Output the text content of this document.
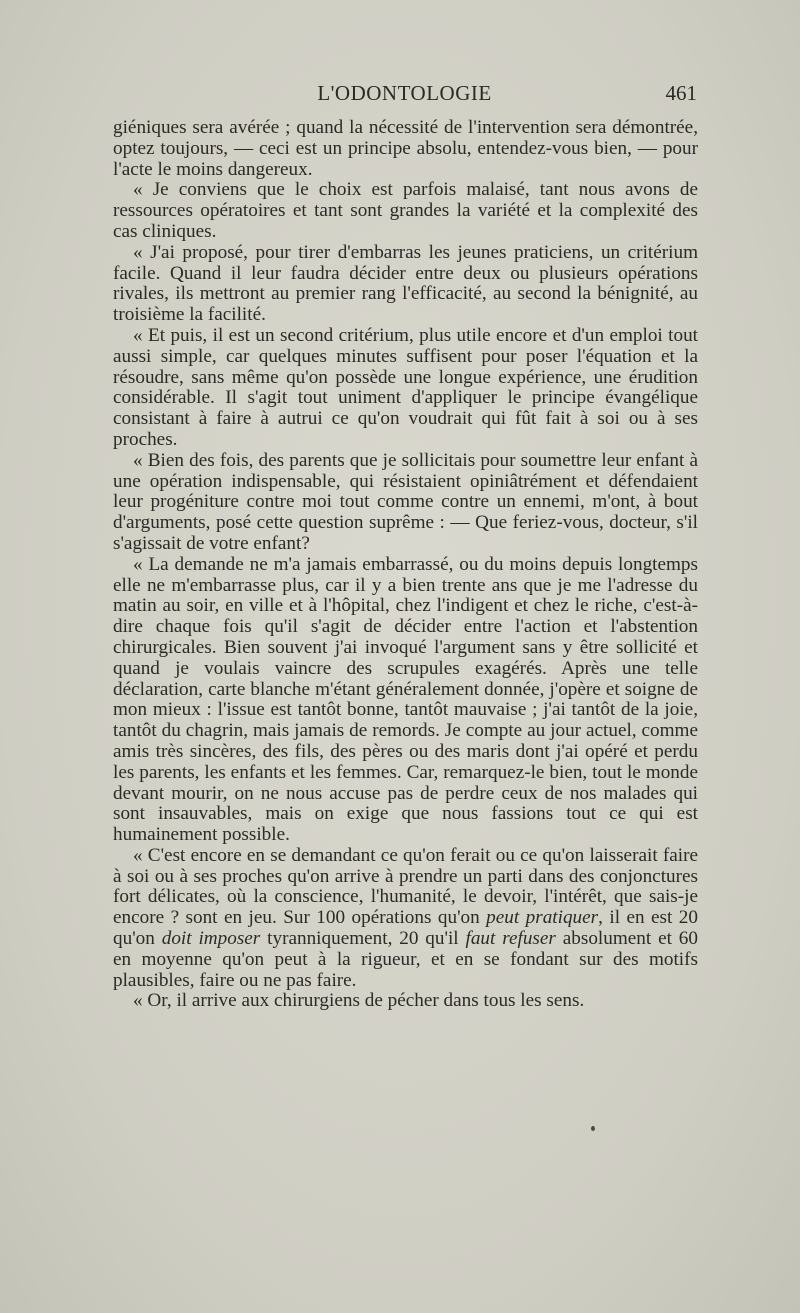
L'ODONTOLOGIE	461

giéniques sera avérée ; quand la nécessité de l'intervention sera démontrée, optez toujours, — ceci est un principe absolu, entendez-vous bien, — pour l'acte le moins dangereux.

« Je conviens que le choix est parfois malaisé, tant nous avons de ressources opératoires et tant sont grandes la variété et la complexité des cas cliniques.

« J'ai proposé, pour tirer d'embarras les jeunes praticiens, un critérium facile. Quand il leur faudra décider entre deux ou plusieurs opérations rivales, ils mettront au premier rang l'efficacité, au second la bénignité, au troisième la facilité.

« Et puis, il est un second critérium, plus utile encore et d'un emploi tout aussi simple, car quelques minutes suffisent pour poser l'équation et la résoudre, sans même qu'on possède une longue expérience, une érudition considérable. Il s'agit tout uniment d'appliquer le principe évangélique consistant à faire à autrui ce qu'on voudrait qui fût fait à soi ou à ses proches.

« Bien des fois, des parents que je sollicitais pour soumettre leur enfant à une opération indispensable, qui résistaient opiniâtrément et défendaient leur progéniture contre moi tout comme contre un ennemi, m'ont, à bout d'arguments, posé cette question suprême : — Que feriez-vous, docteur, s'il s'agissait de votre enfant?

« La demande ne m'a jamais embarrassé, ou du moins depuis longtemps elle ne m'embarrasse plus, car il y a bien trente ans que je me l'adresse du matin au soir, en ville et à l'hôpital, chez l'indigent et chez le riche, c'est-à-dire chaque fois qu'il s'agit de décider entre l'action et l'abstention chirurgicales. Bien souvent j'ai invoqué l'argument sans y être sollicité et quand je voulais vaincre des scrupules exagérés. Après une telle déclaration, carte blanche m'étant généralement donnée, j'opère et soigne de mon mieux : l'issue est tantôt bonne, tantôt mauvaise ; j'ai tantôt de la joie, tantôt du chagrin, mais jamais de remords. Je compte au jour actuel, comme amis très sincères, des fils, des pères ou des maris dont j'ai opéré et perdu les parents, les enfants et les femmes. Car, remarquez-le bien, tout le monde devant mourir, on ne nous accuse pas de perdre ceux de nos malades qui sont insauvables, mais on exige que nous fassions tout ce qui est humainement possible.

« C'est encore en se demandant ce qu'on ferait ou ce qu'on laisserait faire à soi ou à ses proches qu'on arrive à prendre un parti dans des conjonctures fort délicates, où la conscience, l'humanité, le devoir, l'intérêt, que sais-je encore ? sont en jeu. Sur 100 opérations qu'on peut pratiquer, il en est 20 qu'on doit imposer tyranniquement, 20 qu'il faut refuser absolument et 60 en moyenne qu'on peut à la rigueur, et en se fondant sur des motifs plausibles, faire ou ne pas faire.

« Or, il arrive aux chirurgiens de pécher dans tous les sens.
